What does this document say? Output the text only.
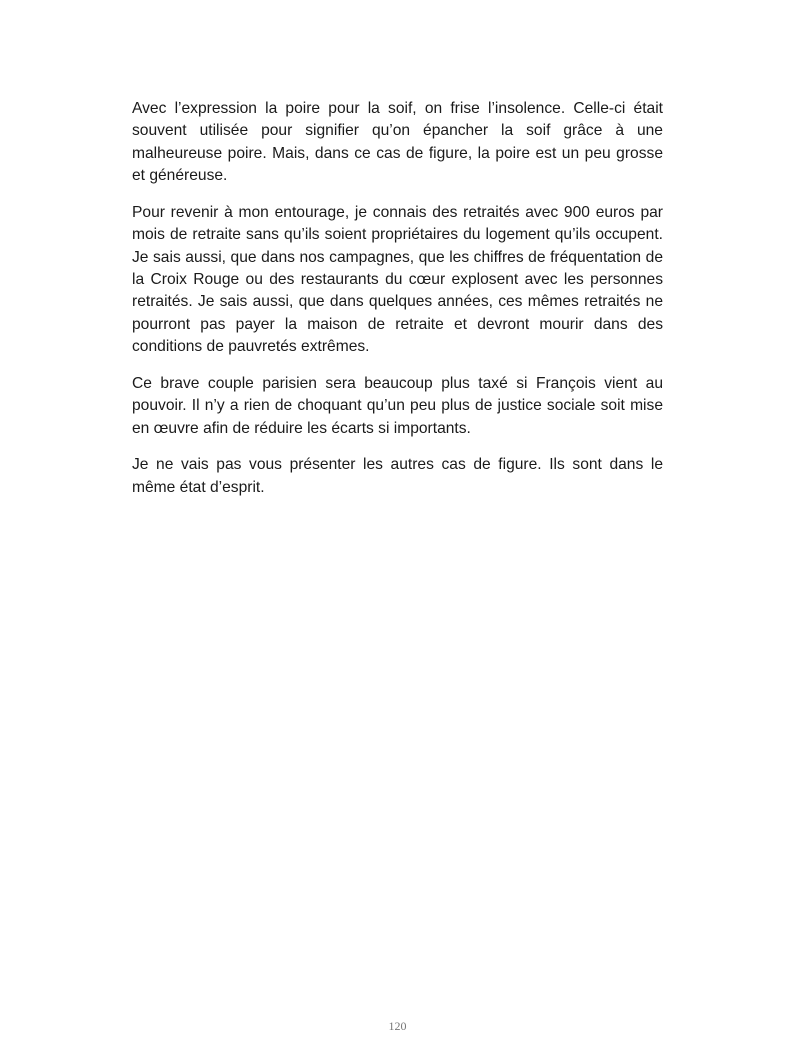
Avec l’expression la poire pour la soif, on frise l’insolence. Celle-ci était souvent utilisée pour signifier qu’on épancher la soif grâce à une malheureuse poire. Mais, dans ce cas de figure, la poire est un peu grosse et généreuse.

Pour revenir à mon entourage, je connais des retraités avec 900 euros par mois de retraite sans qu’ils soient propriétaires du logement qu’ils occupent. Je sais aussi, que dans nos campagnes, que les chiffres de fréquentation de la Croix Rouge ou des restaurants du cœur explosent avec les personnes retraités. Je sais aussi, que dans quelques années, ces mêmes retraités ne pourront pas payer la maison de retraite et devront mourir dans des conditions de pauvretés extrêmes.

Ce brave couple parisien sera beaucoup plus taxé si François vient au pouvoir. Il n’y a rien de choquant qu’un peu plus de justice sociale soit mise en œuvre afin de réduire les écarts si importants.

Je ne vais pas vous présenter les autres cas de figure. Ils sont dans le même état d’esprit.

120
